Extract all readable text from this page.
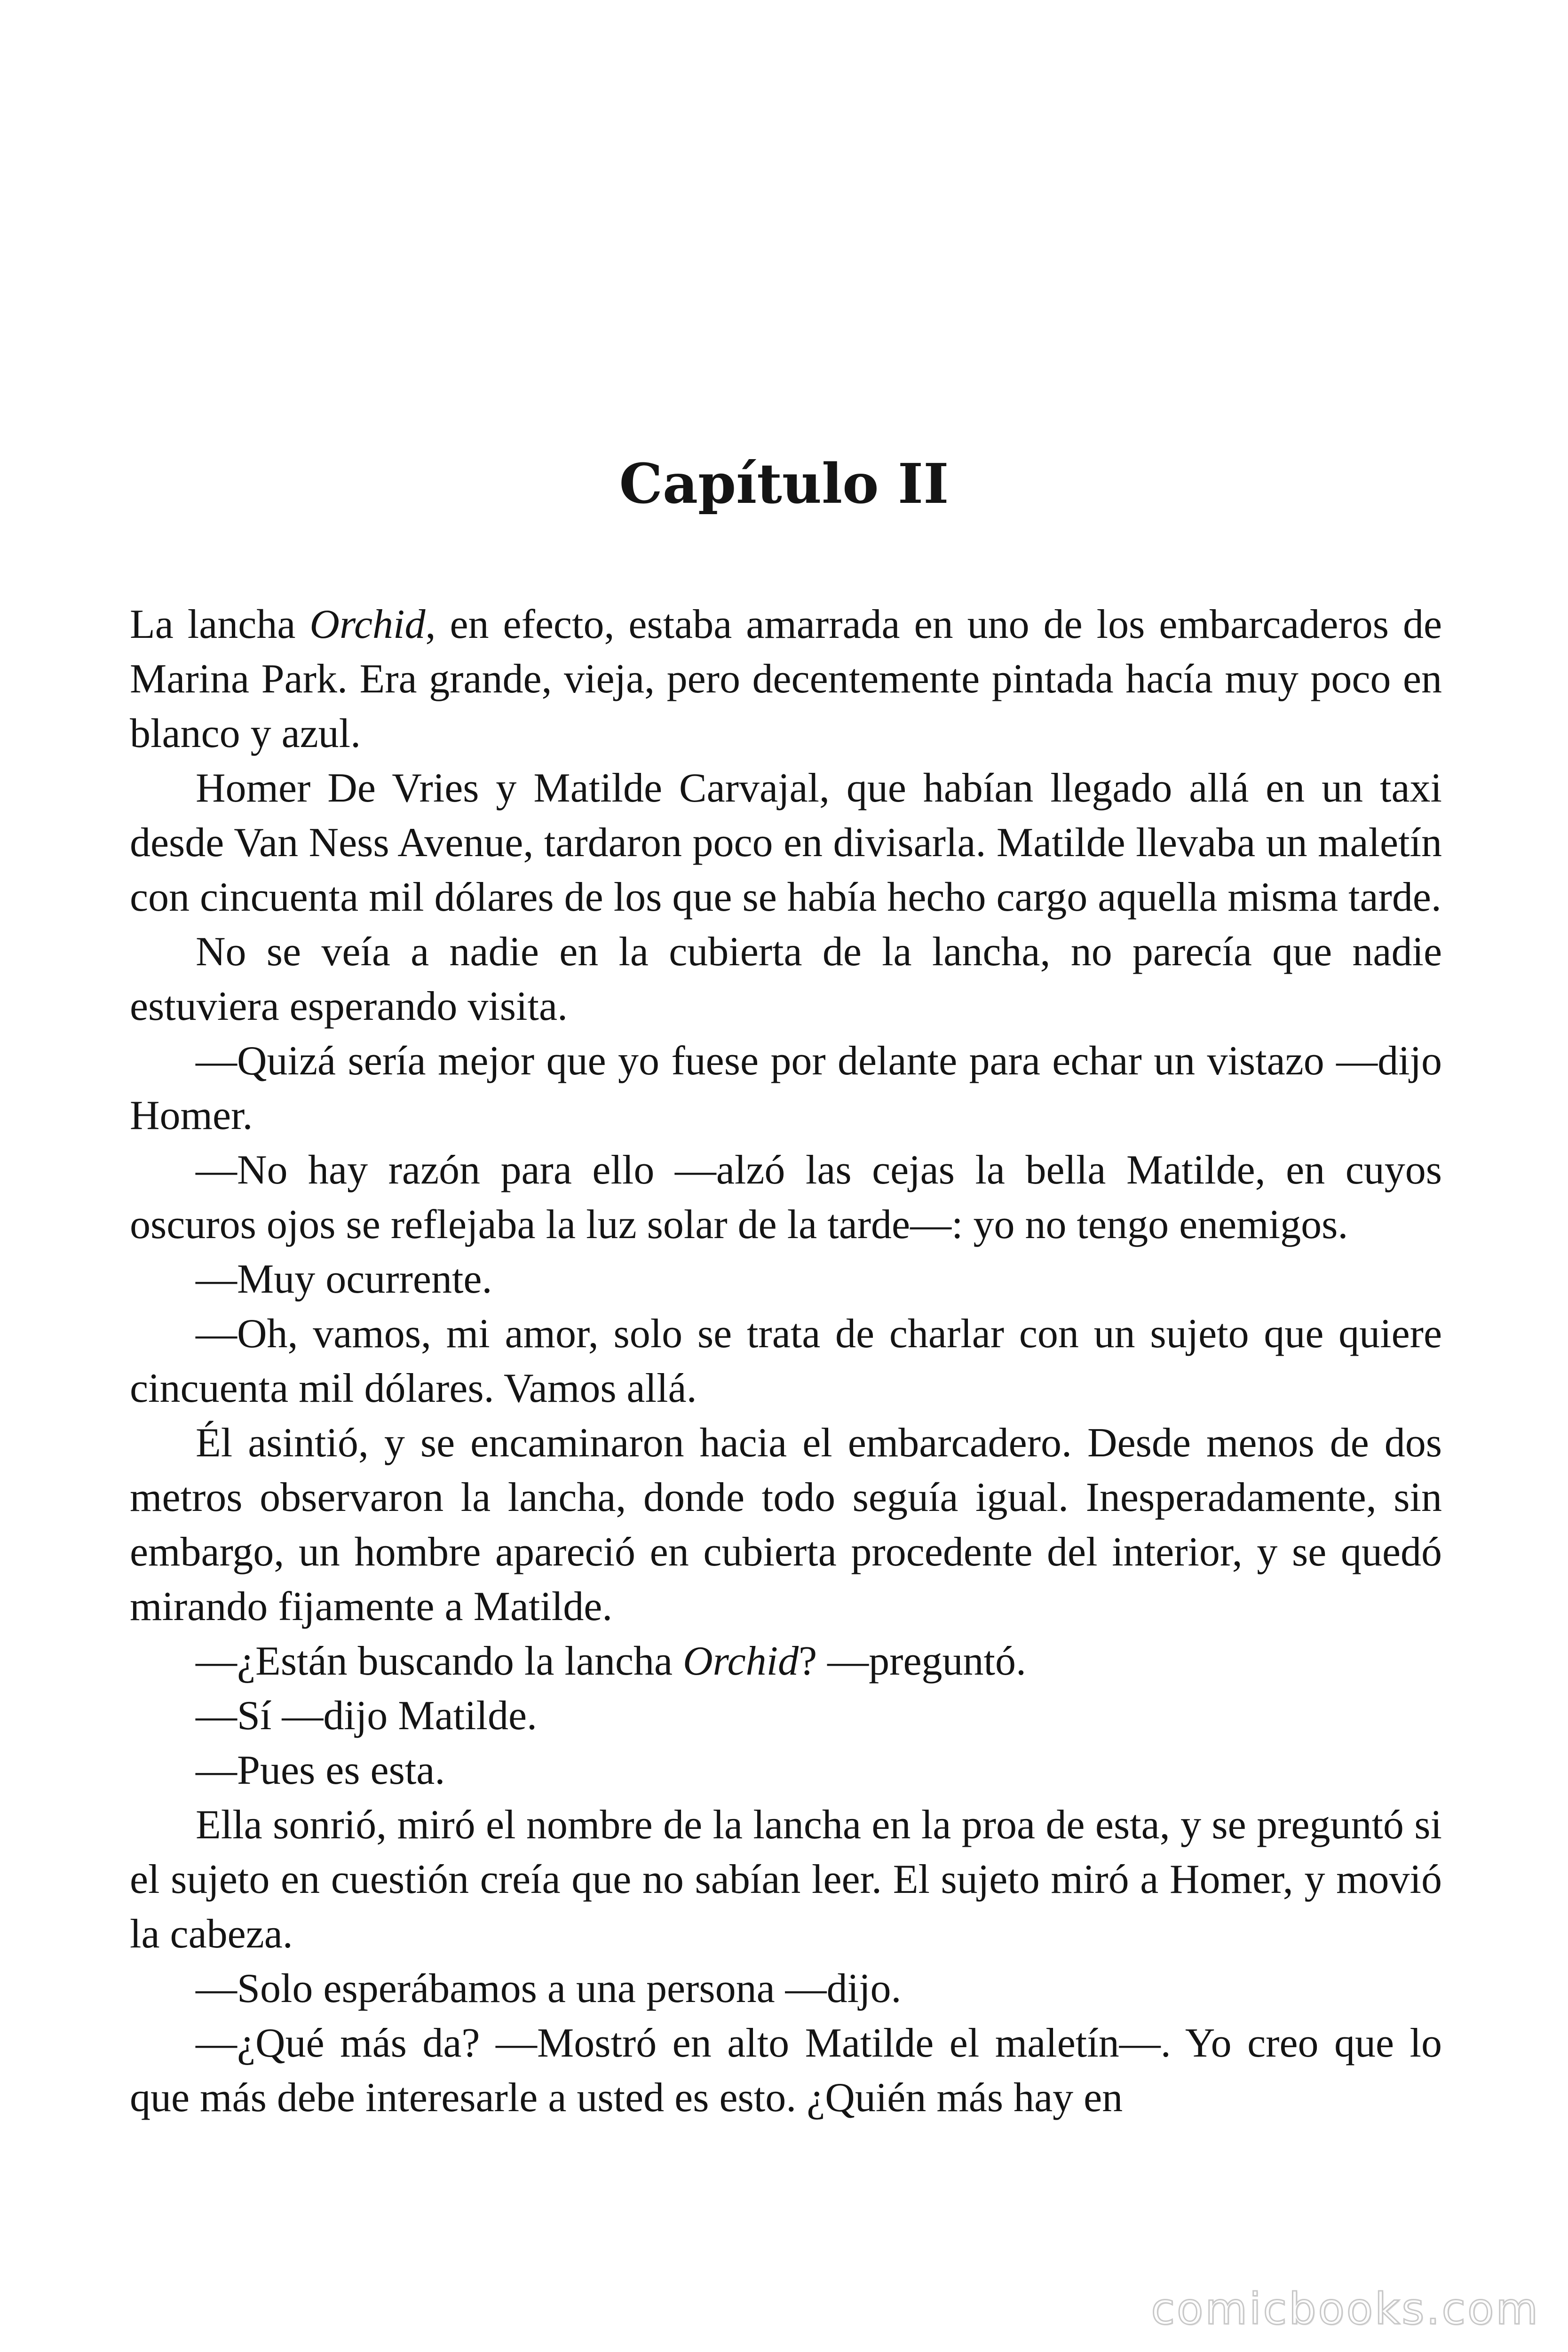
Capítulo II

La lancha Orchid, en efecto, estaba amarrada en uno de los embarcaderos de Marina Park. Era grande, vieja, pero decentemente pintada hacía muy poco en blanco y azul.

Homer De Vries y Matilde Carvajal, que habían llegado allá en un taxi desde Van Ness Avenue, tardaron poco en divisarla. Matilde llevaba un maletín con cincuenta mil dólares de los que se había hecho cargo aquella misma tarde.

No se veía a nadie en la cubierta de la lancha, no parecía que nadie estuviera esperando visita.

—Quizá sería mejor que yo fuese por delante para echar un vistazo —dijo Homer.

—No hay razón para ello —alzó las cejas la bella Matilde, en cuyos oscuros ojos se reflejaba la luz solar de la tarde—: yo no tengo enemigos.

—Muy ocurrente.

—Oh, vamos, mi amor, solo se trata de charlar con un sujeto que quiere cincuenta mil dólares. Vamos allá.

Él asintió, y se encaminaron hacia el embarcadero. Desde menos de dos metros observaron la lancha, donde todo seguía igual. Inesperadamente, sin embargo, un hombre apareció en cubierta procedente del interior, y se quedó mirando fijamente a Matilde.

—¿Están buscando la lancha Orchid? —preguntó.

—Sí —dijo Matilde.

—Pues es esta.

Ella sonrió, miró el nombre de la lancha en la proa de esta, y se preguntó si el sujeto en cuestión creía que no sabían leer. El sujeto miró a Homer, y movió la cabeza.

—Solo esperábamos a una persona —dijo.

—¿Qué más da? —Mostró en alto Matilde el maletín—. Yo creo que lo que más debe interesarle a usted es esto. ¿Quién más hay en

comicbooks.com
